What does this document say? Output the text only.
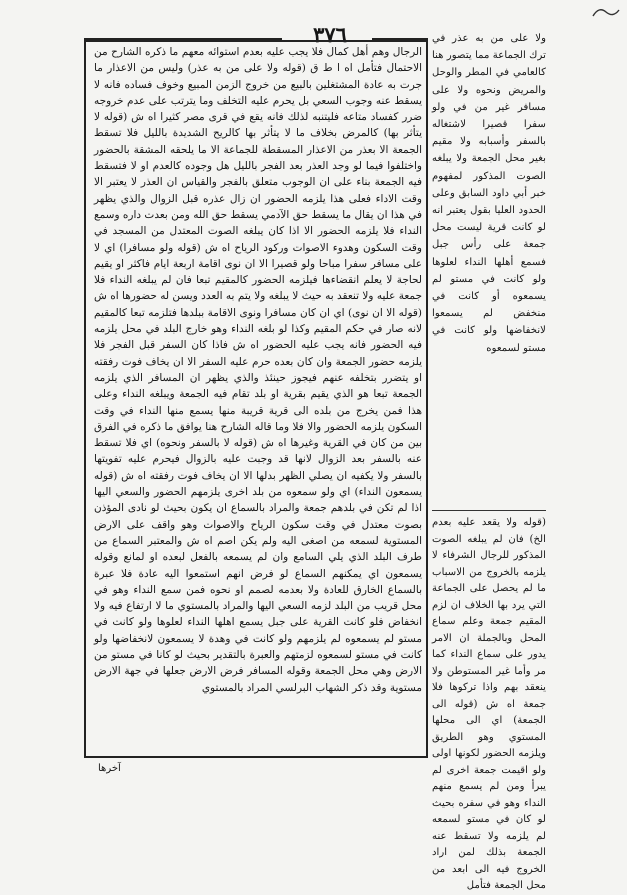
٣٧٦
الرجال وهم أهل كمال فلا يجب عليه بعدم استوائه معهم ما ذكره الشارح من الاحتمال فتأمل اه ا ط ق (قوله ولا على من به عذر) وليس من الاعذار ما جرت به عادة المشتغلين بالبيع من خروج الزمن المبيع وخوف فساده فانه لا يسقط عنه وجوب السعي بل يحرم عليه التخلف وما يترتب على عدم خروجه ضرر كفساد متاعه فليتنبه لذلك فانه يقع في قرى مصر كثيرا اه ش (قوله لا يتأثر بها) كالمرض بخلاف ما لا يتأثر بها كالريح الشديدة بالليل فلا تسقط الجمعة الا بعذر من الاعذار المسقطة للجماعة الا ما يلحقه المشقة بالحضور واختلفوا فيما لو وجد العذر بعد الفجر بالليل هل وجوده كالعدم او لا فتسقط فيه الجمعة بناء على ان الوجوب متعلق بالفجر والقياس ان العذر لا يعتبر الا وقت الاداء فعلى هذا يلزمه الحضور ان زال عذره قبل الزوال والذي يظهر في هذا ان يقال ما يسقط حق الآدمي يسقط حق الله ومن بعدت داره وسمع النداء فلا يلزمه الحضور الا اذا كان يبلغه الصوت المعتدل من المسجد في وقت السكون وهدوء الاصوات وركود الرياح اه ش (قوله ولو مسافرا) اي لا على مسافر سفرا مباحا ولو قصيرا الا ان نوى اقامة اربعة ايام فاكثر او يقيم لحاجة لا يعلم انقضاءها فيلزمه الحضور كالمقيم تبعا فان لم يبلغه النداء فلا جمعة عليه ولا تنعقد به حيث لا يبلغه ولا يتم به العدد ويسن له حضورها اه ش (قوله الا ان نوى) اي ان كان مسافرا ونوى الاقامة ببلدها فتلزمه تبعا كالمقيم لانه صار في حكم المقيم وكذا لو بلغه النداء وهو خارج البلد في محل يلزمه فيه الحضور فانه يجب عليه الحضور اه ش فاذا كان السفر قبل الفجر فلا يلزمه حضور الجمعة وان كان بعده حرم عليه السفر الا ان يخاف فوت رفقته او يتضرر بتخلفه عنهم فيجوز حينئذ والذي يظهر ان المسافر الذي يلزمه الجمعة تبعا هو الذي يقيم بقرية او بلد تقام فيه الجمعة ويبلغه النداء وعلى هذا فمن يخرج من بلده الى قرية قريبة منها يسمع منها النداء في وقت السكون يلزمه الحضور والا فلا وما قاله الشارح هنا يوافق ما ذكره في الفرق بين من كان في القرية وغيرها اه ش (قوله لا بالسفر ونحوه) اي فلا تسقط عنه بالسفر بعد الزوال لانها قد وجبت عليه بالزوال فيحرم عليه تفويتها بالسفر ولا يكفيه ان يصلي الظهر بدلها الا ان يخاف فوت رفقته اه ش (قوله يسمعون النداء) اي ولو سمعوه من بلد اخرى يلزمهم الحضور والسعي اليها اذا لم تكن في بلدهم جمعة والمراد بالسماع ان يكون بحيث لو نادى المؤذن بصوت معتدل في وقت سكون الرياح والاصوات وهو واقف على الارض المستوية لسمعه من اصغى اليه ولم يكن اصم اه ش والمعتبر السماع من طرف البلد الذي يلي السامع وان لم يسمعه بالفعل لبعده او لمانع وقوله يسمعون اي يمكنهم السماع لو فرض انهم استمعوا اليه عادة فلا عبرة بالسماع الخارق للعادة ولا بعدمه لصمم او نحوه فمن سمع النداء وهو في محل قريب من البلد لزمه السعي اليها والمراد بالمستوي ما لا ارتفاع فيه ولا انخفاض فلو كانت القرية على جبل يسمع اهلها النداء لعلوها ولو كانت في مستو لم يسمعوه لم يلزمهم ولو كانت في وهدة لا يسمعون لانخفاضها ولو كانت في مستو لسمعوه لزمتهم والعبرة بالتقدير بحيث لو كانا في مستو من الارض وهي محل الجمعة وقوله المسافر فرض الارض جعلها في جهة الارض مستوية وقد ذكر الشهاب البرلسي المراد بالمستوي
ولا على من به عذر في ترك الجماعة مما يتصور هنا كالعامي في المطر والوحل والمريض ونحوه ولا على مسافر غير من في ولو سفرا قصيرا لاشتغاله بالسفر وأسبابه ولا مقيم بغير محل الجمعة ولا يبلغه الصوت المذكور لمفهوم خبر أبي داود السابق وعلى الحدود العليا بقول يعتبر انه لو كانت قرية ليست محل جمعة على رأس جبل فسمع أهلها النداء لعلوها ولو كانت في مستو لم يسمعوه أو كانت في منخفض لم يسمعوا لانخفاضها ولو كانت في مستو لسمعوه
(قوله ولا يقعد عليه بعدم الخ) فان لم يبلغه الصوت المذكور للرجال الشرفاء لا يلزمه بالخروج من الاسباب ما لم يحصل على الجماعة التي يرد بها الخلاف ان لزم المقيم جمعة وعلم سماع المحل وبالجملة ان الامر يدور على سماع النداء كما مر وأما غير المستوطن ولا ينعقد بهم واذا تركوها فلا جمعة اه ش (قوله الى الجمعة) اي الى محلها المستوي وهو الطريق ويلزمه الحضور لكونها اولى ولو اقيمت جمعة اخرى لم يبرأ ومن لم يسمع منهم النداء وهو في سفره بحيث لو كان في مستو لسمعه لم يلزمه ولا تسقط عنه الجمعة بذلك لمن اراد الخروج فيه الى ابعد من محل الجمعة فتأمل
آخرها
